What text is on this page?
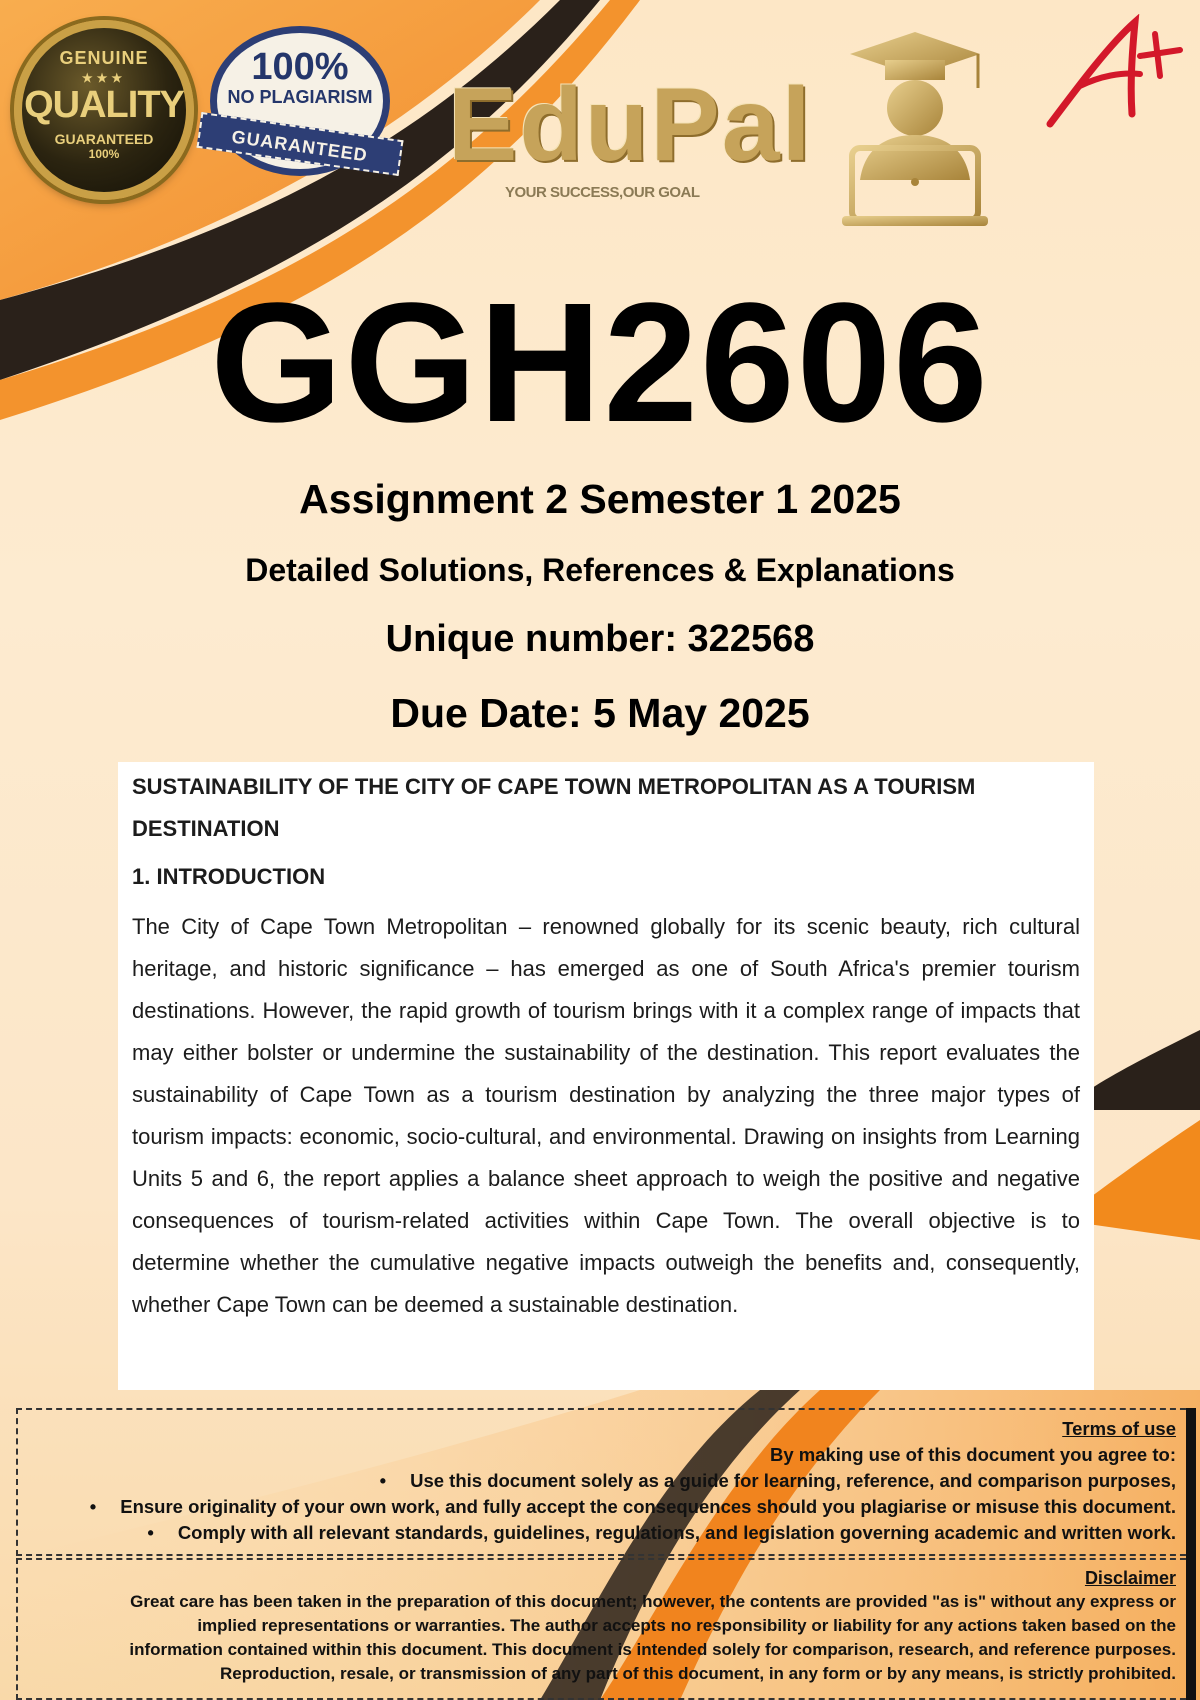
GENUINE
★★★
QUALITY
GUARANTEED
100%
100%
NO PLAGIARISM
GUARANTEED EduPal
YOUR SUCCESS,OUR GOAL
GGH2606
Assignment 2 Semester 1 2025
Detailed Solutions, References & Explanations
Unique number: 322568
Due Date: 5 May 2025

SUSTAINABILITY OF THE CITY OF CAPE TOWN METROPOLITAN AS A TOURISM DESTINATION

1. INTRODUCTION

The City of Cape Town Metropolitan – renowned globally for its scenic beauty, rich cultural heritage, and historic significance – has emerged as one of South Africa's premier tourism destinations. However, the rapid growth of tourism brings with it a complex range of impacts that may either bolster or undermine the sustainability of the destination. This report evaluates the sustainability of Cape Town as a tourism destination by analyzing the three major types of tourism impacts: economic, socio-cultural, and environmental. Drawing on insights from Learning Units 5 and 6, the report applies a balance sheet approach to weigh the positive and negative consequences of tourism-related activities within Cape Town. The overall objective is to determine whether the cumulative negative impacts outweigh the benefits and, consequently, whether Cape Town can be deemed a sustainable destination.

Terms of use
By making use of this document you agree to:
• Use this document solely as a guide for learning, reference, and comparison purposes,
• Ensure originality of your own work, and fully accept the consequences should you plagiarise or misuse this document.
• Comply with all relevant standards, guidelines, regulations, and legislation governing academic and written work.
Disclaimer
Great care has been taken in the preparation of this document; however, the contents are provided "as is" without any express or
implied representations or warranties. The author accepts no responsibility or liability for any actions taken based on the
information contained within this document. This document is intended solely for comparison, research, and reference purposes.
Reproduction, resale, or transmission of any part of this document, in any form or by any means, is strictly prohibited.
